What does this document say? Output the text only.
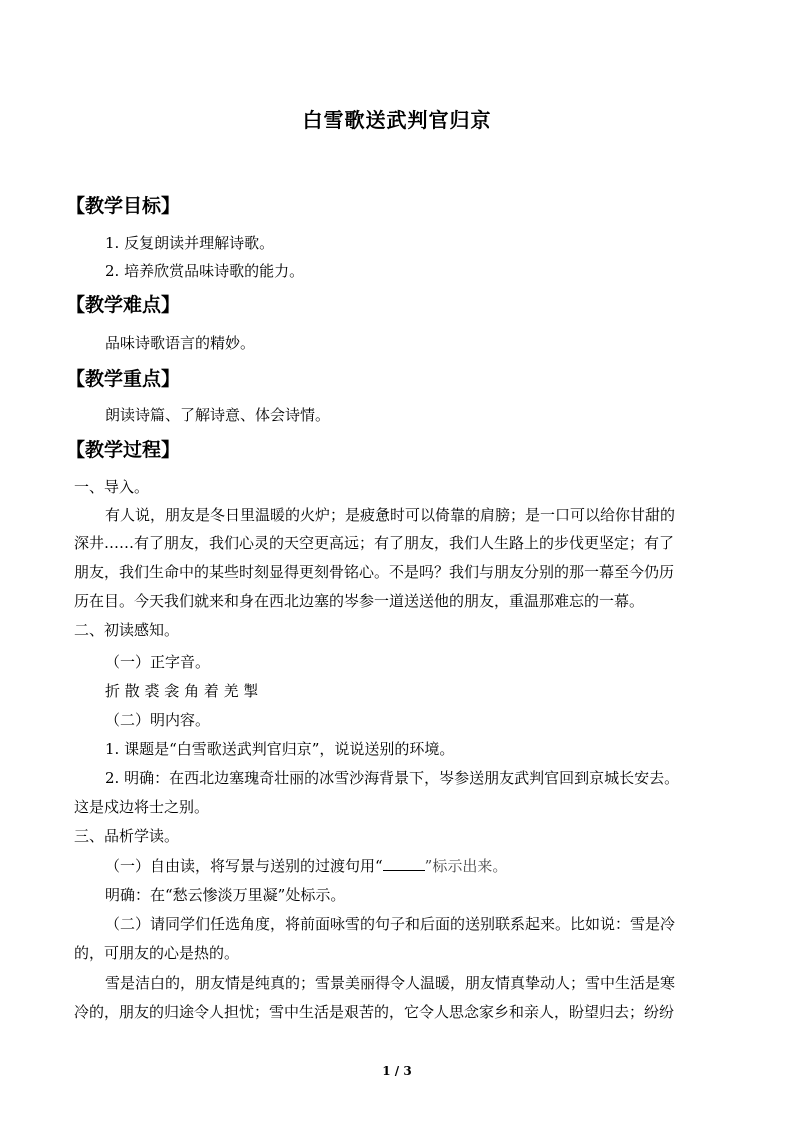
白雪歌送武判官归京
【教学目标】
1. 反复朗读并理解诗歌。
2. 培养欣赏品味诗歌的能力。
【教学难点】
品味诗歌语言的精妙。
【教学重点】
朗读诗篇、了解诗意、体会诗情。
【教学过程】
一、导入。
有人说，朋友是冬日里温暖的火炉；是疲惫时可以倚靠的肩膀；是一口可以给你甘甜的
深井……有了朋友，我们心灵的天空更高远；有了朋友，我们人生路上的步伐更坚定；有了
朋友，我们生命中的某些时刻显得更刻骨铭心。不是吗？我们与朋友分别的那一幕至今仍历
历在目。今天我们就来和身在西北边塞的岑参一道送送他的朋友，重温那难忘的一幕。
二、初读感知。
（一）正字音。
折 散 裘 衾 角 着 羌 掣
（二）明内容。
1. 课题是“白雪歌送武判官归京”，说说送别的环境。
2. 明确：在西北边塞瑰奇壮丽的冰雪沙海背景下，岑参送朋友武判官回到京城长安去。
这是戍边将士之别。
三、品析学读。
（一）自由读，将写景与送别的过渡句用“	”标示出来。
明确：在“愁云惨淡万里凝”处标示。
（二）请同学们任选角度，将前面咏雪的句子和后面的送别联系起来。比如说：雪是冷
的，可朋友的心是热的。
雪是洁白的，朋友情是纯真的；雪景美丽得令人温暖，朋友情真挚动人；雪中生活是寒
冷的，朋友的归途令人担忧；雪中生活是艰苦的，它令人思念家乡和亲人，盼望归去；纷纷
1 / 3
